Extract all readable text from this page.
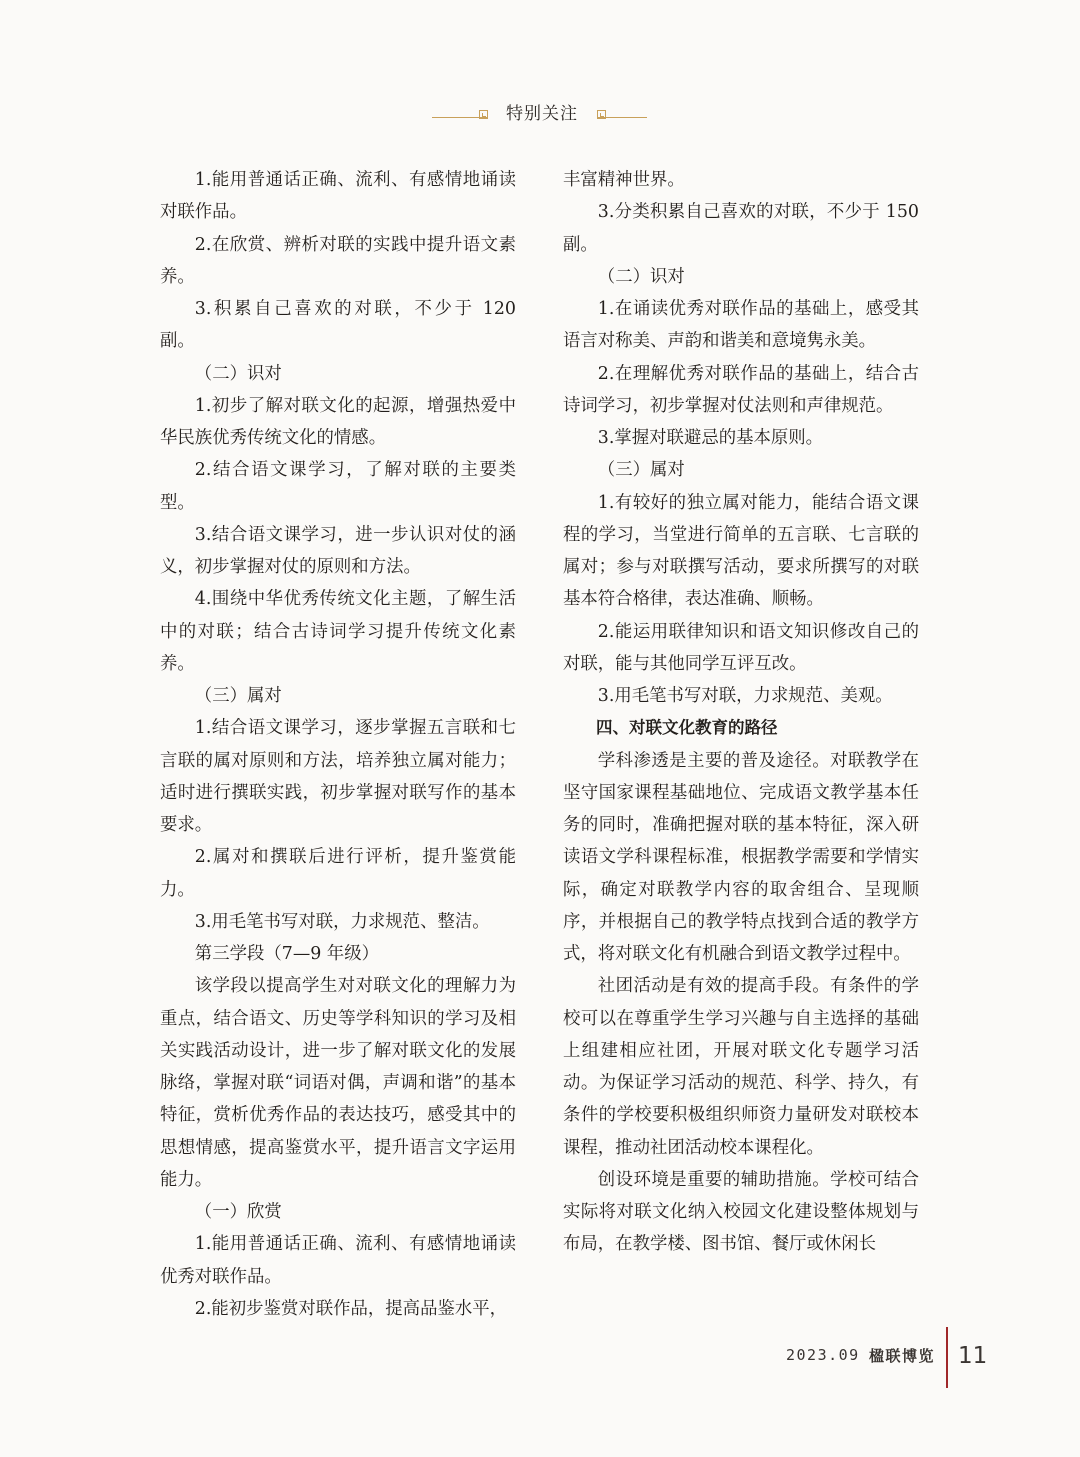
特别关注

1.能用普通话正确、流利、有感情地诵读对联作品。

2.在欣赏、辨析对联的实践中提升语文素养。

3.积累自己喜欢的对联，不少于 120 副。

（二）识对

1.初步了解对联文化的起源，增强热爱中华民族优秀传统文化的情感。

2.结合语文课学习，了解对联的主要类型。

3.结合语文课学习，进一步认识对仗的涵义，初步掌握对仗的原则和方法。

4.围绕中华优秀传统文化主题，了解生活中的对联；结合古诗词学习提升传统文化素养。

（三）属对

1.结合语文课学习，逐步掌握五言联和七言联的属对原则和方法，培养独立属对能力；适时进行撰联实践，初步掌握对联写作的基本要求。

2.属对和撰联后进行评析，提升鉴赏能力。

3.用毛笔书写对联，力求规范、整洁。

第三学段（7—9 年级）

该学段以提高学生对对联文化的理解力为重点，结合语文、历史等学科知识的学习及相关实践活动设计，进一步了解对联文化的发展脉络，掌握对联“词语对偶，声调和谐”的基本特征，赏析优秀作品的表达技巧，感受其中的思想情感，提高鉴赏水平，提升语言文字运用能力。

（一）欣赏

1.能用普通话正确、流利、有感情地诵读优秀对联作品。

2.能初步鉴赏对联作品，提高品鉴水平，

丰富精神世界。

3.分类积累自己喜欢的对联，不少于 150 副。

（二）识对

1.在诵读优秀对联作品的基础上，感受其语言对称美、声韵和谐美和意境隽永美。

2.在理解优秀对联作品的基础上，结合古诗词学习，初步掌握对仗法则和声律规范。

3.掌握对联避忌的基本原则。

（三）属对

1.有较好的独立属对能力，能结合语文课程的学习，当堂进行简单的五言联、七言联的属对；参与对联撰写活动，要求所撰写的对联基本符合格律，表达准确、顺畅。

2.能运用联律知识和语文知识修改自己的对联，能与其他同学互评互改。

3.用毛笔书写对联，力求规范、美观。

四、对联文化教育的路径

学科渗透是主要的普及途径。对联教学在坚守国家课程基础地位、完成语文教学基本任务的同时，准确把握对联的基本特征，深入研读语文学科课程标准，根据教学需要和学情实际，确定对联教学内容的取舍组合、呈现顺序，并根据自己的教学特点找到合适的教学方式，将对联文化有机融合到语文教学过程中。

社团活动是有效的提高手段。有条件的学校可以在尊重学生学习兴趣与自主选择的基础上组建相应社团，开展对联文化专题学习活动。为保证学习活动的规范、科学、持久，有条件的学校要积极组织师资力量研发对联校本课程，推动社团活动校本课程化。

创设环境是重要的辅助措施。学校可结合实际将对联文化纳入校园文化建设整体规划与布局，在教学楼、图书馆、餐厅或休闲长

2023.09 楹联博览 11
